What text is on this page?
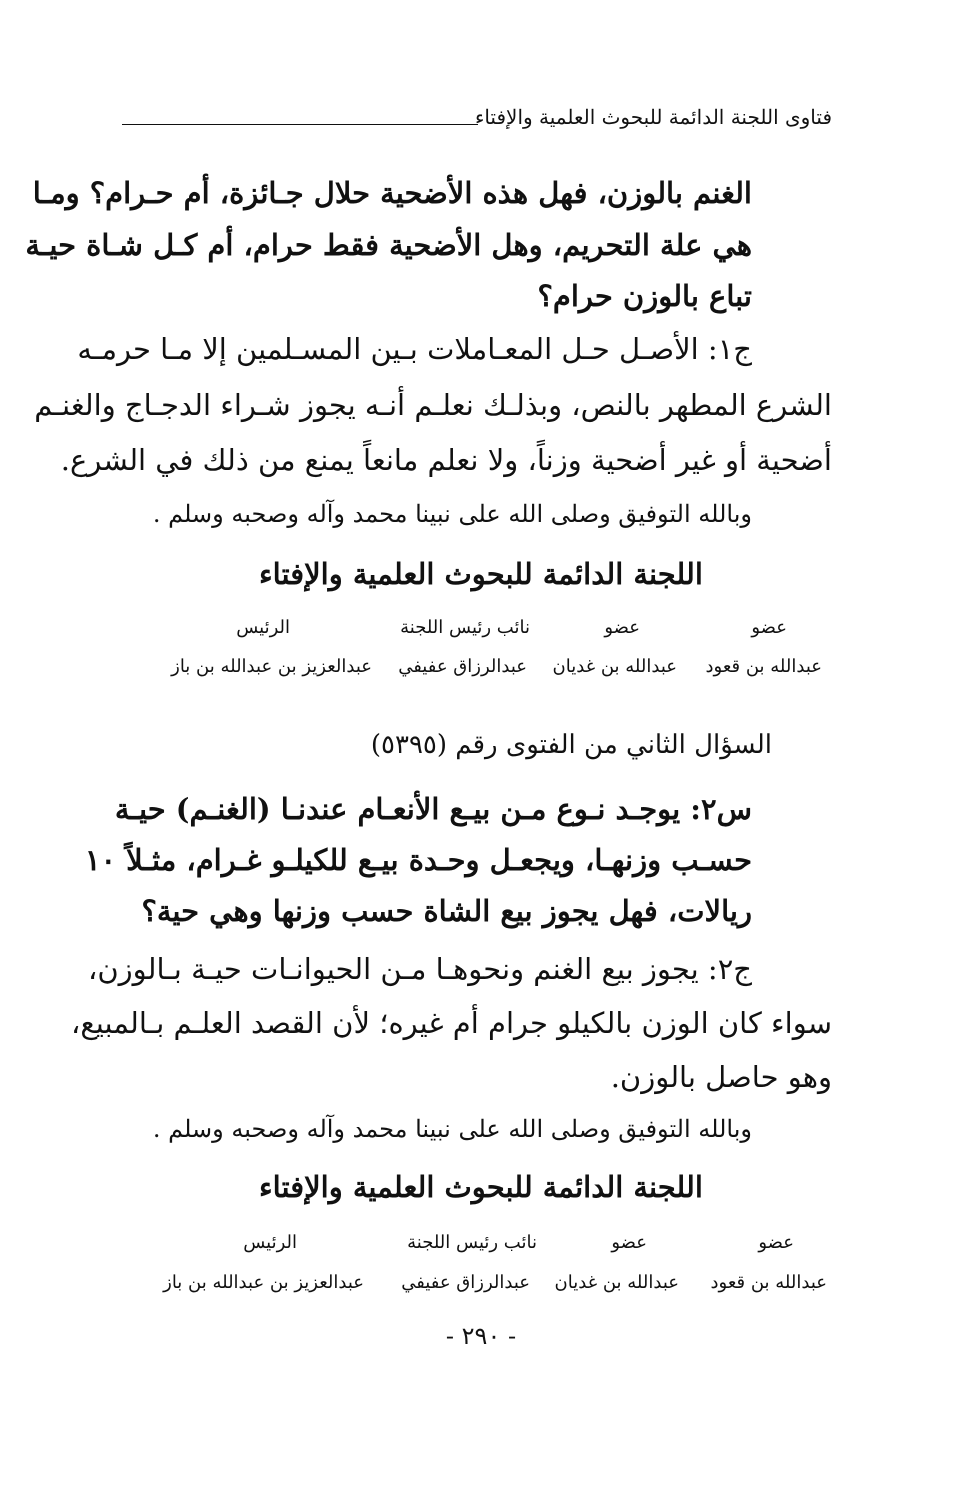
فتاوى اللجنة الدائمة للبحوث العلمية والإفتاء
الغنم بالوزن، فهل هذه الأضحية حلال جـائزة، أم حـرام؟ ومـا
هي علة التحريم، وهل الأضحية فقط حرام، أم كـل شـاة حيـة
تباع بالوزن حرام؟
ج١: الأصـل حـل المعـاملات بـين المسـلمين إلا مـا حرمـه
الشرع المطهر بالنص، وبذلـك نعلـم أنـه يجوز شـراء الدجـاج والغنـم
أضحية أو غير أضحية وزناً، ولا نعلم مانعاً يمنع من ذلك في الشرع.
وبالله التوفيق وصلى الله على نبينا محمد وآله وصحبه وسلم .
اللجنة الدائمة للبحوث العلمية والإفتاء
عضو
عضو
نائب رئيس اللجنة
الرئيس
عبدالله بن قعود
عبدالله بن غديان
عبدالرزاق عفيفي
عبدالعزيز بن عبدالله بن باز
السؤال الثاني من الفتوى رقم (٥٣٩٥)
س٢: يوجـد نـوع مـن بيـع الأنعـام عندنـا (الغنـم) حيـة
حسـب وزنهـا، ويجعـل وحـدة بيـع للكيلـو غـرام، مثـلاً ١٠
ريالات، فهل يجوز بيع الشاة حسب وزنها وهي حية؟
ج٢: يجوز بيع الغنم ونحوهـا مـن الحيوانـات حيـة بـالوزن،
سواء كان الوزن بالكيلو جرام أم غيره؛ لأن القصد العلـم بـالمبيع،
وهو حاصل بالوزن.
وبالله التوفيق وصلى الله على نبينا محمد وآله وصحبه وسلم .
اللجنة الدائمة للبحوث العلمية والإفتاء
عضو
عضو
نائب رئيس اللجنة
الرئيس
عبدالله بن قعود
عبدالله بن غديان
عبدالرزاق عفيفي
عبدالعزيز بن عبدالله بن باز
- ٢٩٠ -
